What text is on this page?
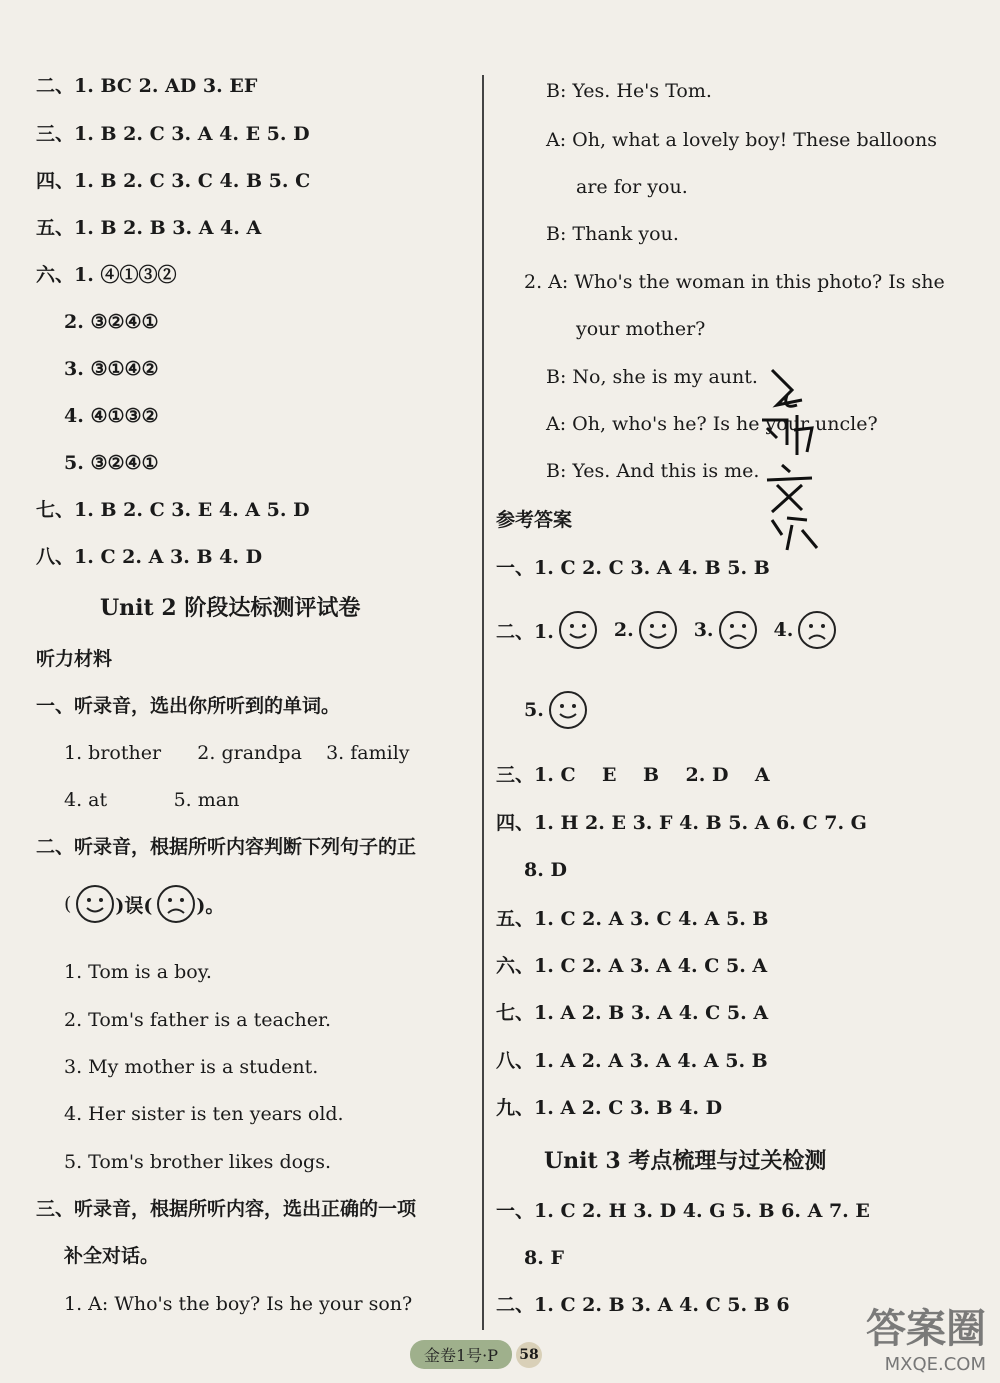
二、1. BC 2. AD 3. EF
三、1. B 2. C 3. A 4. E 5. D
四、1. B 2. C 3. C 4. B 5. C
五、1. B 2. B 3. A 4. A
六、1. ④①③②
2. ③②④①
3. ③①④②
4. ④①③②
5. ③②④①
七、1. B 2. C 3. E 4. A 5. D
八、1. C 2. A 3. B 4. D
Unit 2 阶段达标测评试卷
听力材料
一、听录音，选出你所听到的单词。
1. brother      2. grandpa    3. family
4. at           5. man
二、听录音，根据所听内容判断下列句子的正
( )误( )。
1. Tom is a boy.
2. Tom's father is a teacher.
3. My mother is a student.
4. Her sister is ten years old.
5. Tom's brother likes dogs.
三、听录音，根据所听内容，选出正确的一项
补全对话。
1. A: Who's the boy? Is he your son?
B: Yes. He's Tom.
A: Oh, what a lovely boy! These balloons
are for you.
B: Thank you.
2. A: Who's the woman in this photo? Is she
your mother?
B: No, she is my aunt.
A: Oh, who's he? Is he your uncle?
B: Yes. And this is me.
参考答案
一、1. C 2. C 3. A 4. B 5. B
二、1.	2.	3.	4.
5.
三、1. C    E    B    2. D    A
四、1. H 2. E 3. F 4. B 5. A 6. C 7. G
8. D
五、1. C 2. A 3. C 4. A 5. B
六、1. C 2. A 3. A 4. C 5. A
七、1. A 2. B 3. A 4. C 5. A
八、1. A 2. A 3. A 4. A 5. B
九、1. A 2. C 3. B 4. D
Unit 3 考点梳理与过关检测
一、1. C 2. H 3. D 4. G 5. B 6. A 7. E
8. F
二、1. C 2. B 3. A 4. C 5. B 6
金卷1号·P	58
答案圈
MXQE.COM
